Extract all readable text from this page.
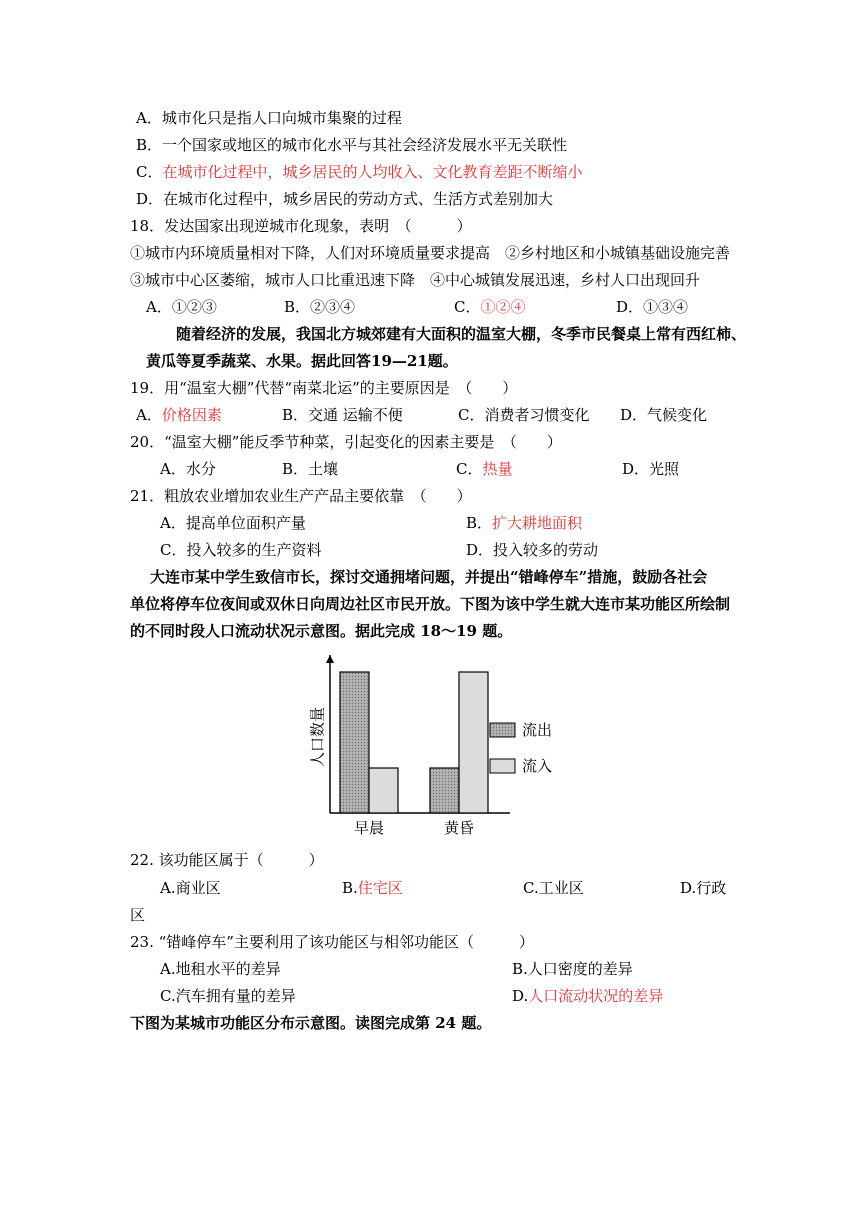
A．城市化只是指人口向城市集聚的过程
B．一个国家或地区的城市化水平与其社会经济发展水平无关联性
C．在城市化过程中，城乡居民的人均收入、文化教育差距不断缩小
D．在城市化过程中，城乡居民的劳动方式、生活方式差别加大
18．发达国家出现逆城市化现象，表明　（　　　）
①城市内环境质量相对下降，人们对环境质量要求提高　②乡村地区和小城镇基础设施完善
③城市中心区萎缩，城市人口比重迅速下降　④中心城镇发展迅速，乡村人口出现回升
A．①②③	B．②③④	C．①②④	D．①③④
随着经济的发展，我国北方城郊建有大面积的温室大棚，冬季市民餐桌上常有西红柿、
黄瓜等夏季蔬菜、水果。据此回答19—21题。
19．用“温室大棚”代替“南菜北运”的主要原因是　（　　）
A．价格因素	B．交通 运输不便	C．消费者习惯变化 D．气候变化
20．“温室大棚”能反季节种菜，引起变化的因素主要是　（　　）
A．水分	B．土壤	C．热量	D．光照
21．粗放农业增加农业生产产品主要依靠　（　　）
A．提高单位面积产量	B．扩大耕地面积
C．投入较多的生产资料	D．投入较多的劳动
大连市某中学生致信市长，探讨交通拥堵问题，并提出“错峰停车”措施，鼓励各社会
单位将停车位夜间或双休日向周边社区市民开放。下图为该中学生就大连市某功能区所绘制
的不同时段人口流动状况示意图。据此完成 18～19 题。
人口数量
早晨	黄昏
流出
流入
22. 该功能区属于（　　　）
A.商业区	B.住宅区	C.工业区	D.行政
区
23. “错峰停车”主要利用了该功能区与相邻功能区（　　　）
A.地租水平的差异	B.人口密度的差异
C.汽车拥有量的差异	D.人口流动状况的差异
下图为某城市功能区分布示意图。读图完成第 24 题。
